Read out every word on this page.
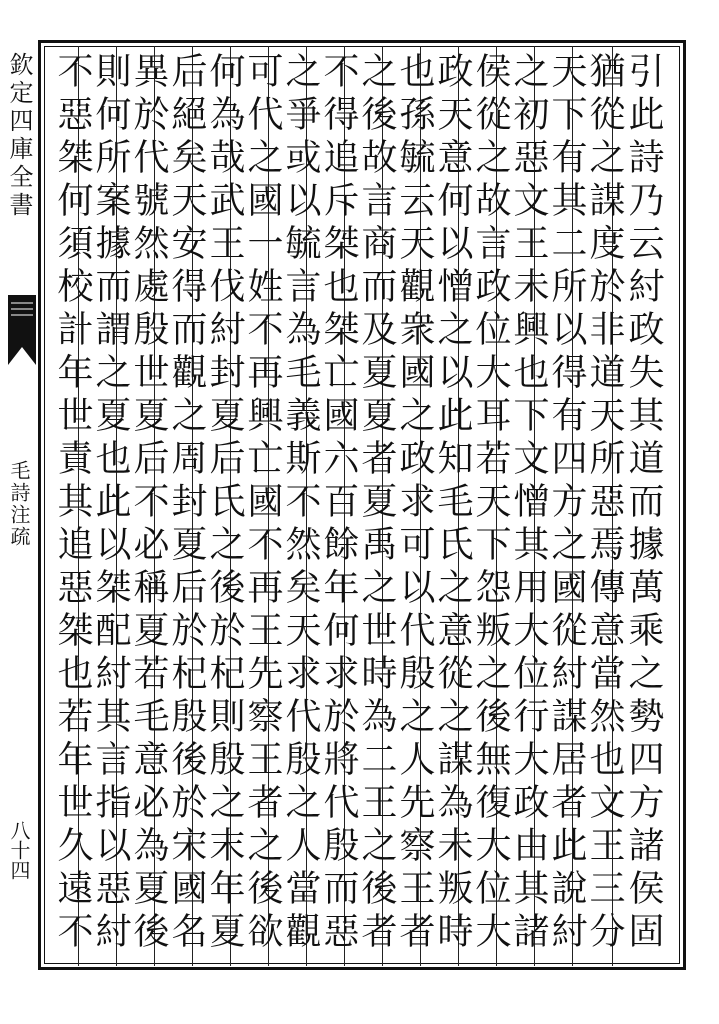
欽定四庫全書
毛詩注疏
八十四	引此詩乃云紂政失其道而據萬乘之勢四方諸侯固
猶從之謀度於非道天所惡焉傳意當然也文王三分
天下有其二所以得有四方之國從紂謀居者此說紂
之初惡文王未興也下文憎其用大位行大政由其諸
侯從之故言政位大耳若天下怨叛之後無復大位大
政天意何以憎之以此知毛氏之意從之謀為未叛時
也孫毓云天觀衆國之政求可以代殷之人先察王者
之後故言商而及夏夏者夏禹之世時為二王之後者
不得追斥桀也桀亡國六百餘年何求於將代殷而惡
之爭或以毓言為毛義斯不然矣天求代殷之人當觀
可代之國一姓不再興亡國不再王先察王者之後欲
何為哉武王伐紂封夏后氏之後於杞則殷之末年夏
后絕矣天安得而觀之周封夏后於杞殷後於宋國名
異於代號然處殷世夏后不必稱夏若毛意必為夏後
則何所案據而謂之夏也此以桀配紂其言指以惡紂
不惡桀何須校計年世責其追惡桀也若年世久遠不
